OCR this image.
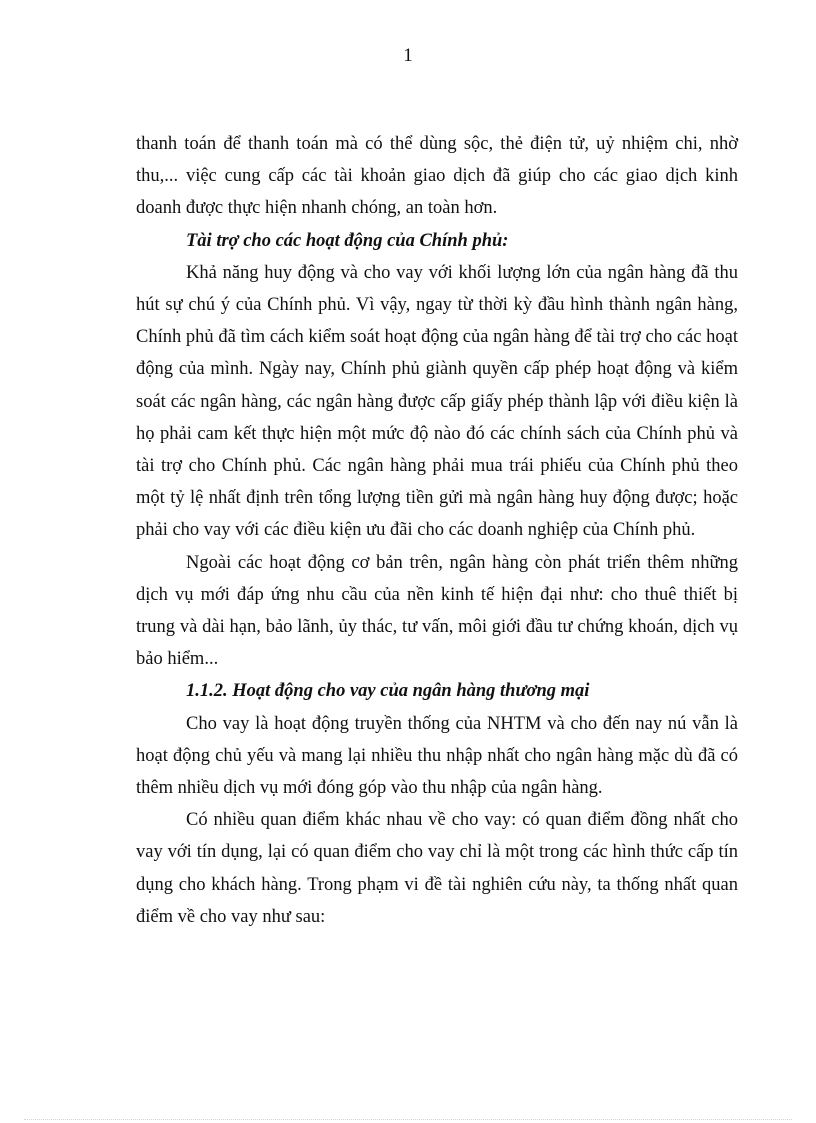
1

thanh toán để thanh toán mà có thể dùng sộc, thẻ điện tử, uỷ nhiệm chi, nhờ thu,... việc cung cấp các tài khoản giao dịch đã giúp cho các giao dịch kinh doanh được thực hiện nhanh chóng, an toàn hơn.

Tài trợ cho các hoạt động của Chính phủ:

Khả năng huy động và cho vay với khối lượng lớn của ngân hàng đã thu hút sự chú ý của Chính phủ. Vì vậy, ngay từ thời kỳ đầu hình thành ngân hàng, Chính phủ đã tìm cách kiểm soát hoạt động của ngân hàng để tài trợ cho các hoạt động của mình. Ngày nay, Chính phủ giành quyền cấp phép hoạt động và kiểm soát các ngân hàng, các ngân hàng được cấp giấy phép thành lập với điều kiện là họ phải cam kết thực hiện một mức độ nào đó các chính sách của Chính phủ và tài trợ cho Chính phủ. Các ngân hàng phải mua trái phiếu của Chính phủ theo một tỷ lệ nhất định trên tổng lượng tiền gửi mà ngân hàng huy động được; hoặc phải cho vay với các điều kiện ưu đãi cho các doanh nghiệp của Chính phủ.

Ngoài các hoạt động cơ bản trên, ngân hàng còn phát triển thêm những dịch vụ mới đáp ứng nhu cầu của nền kinh tế hiện đại như: cho thuê thiết bị trung và dài hạn, bảo lãnh, ủy thác, tư vấn, môi giới đầu tư chứng khoán, dịch vụ bảo hiểm...

1.1.2. Hoạt động cho vay của ngân hàng thương mại

Cho vay là hoạt động truyền thống của NHTM và cho đến nay nú vẫn là hoạt động chủ yếu và mang lại nhiều thu nhập nhất cho ngân hàng mặc dù đã có thêm nhiều dịch vụ mới đóng góp vào thu nhập của ngân hàng.

Có nhiều quan điểm khác nhau về cho vay: có quan điểm đồng nhất cho vay với tín dụng, lại có quan điểm cho vay chỉ là một trong các hình thức cấp tín dụng cho khách hàng. Trong phạm vi đề tài nghiên cứu này, ta thống nhất quan điểm về cho vay như sau:
